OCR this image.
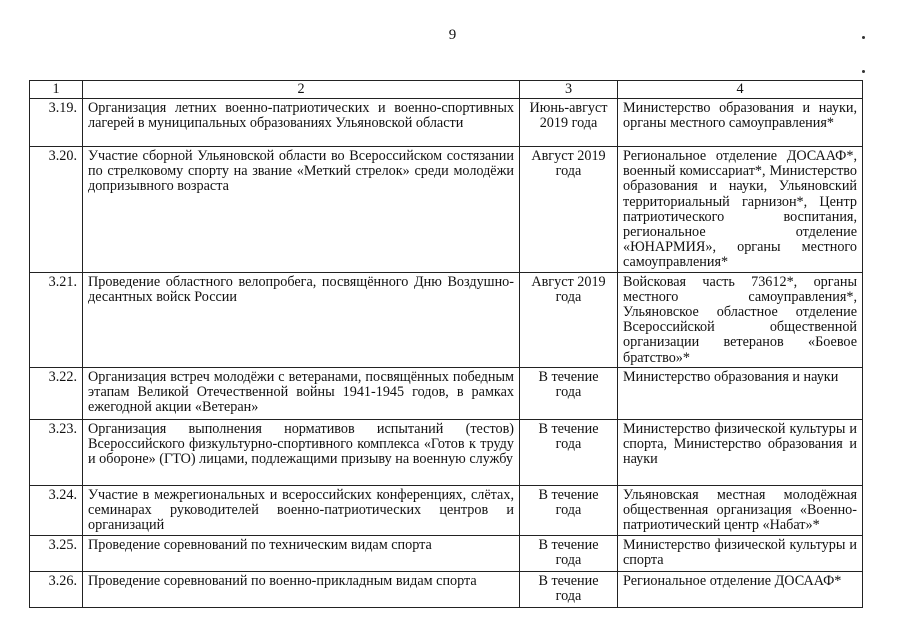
9
1	2	3	4
3.19.	Организация летних военно-патриотических и военно-спортивных лагерей в муниципальных образованиях Ульяновской области	Июнь-август 2019 года	Министерство образования и науки, органы местного самоуправления*
3.20.	Участие сборной Ульяновской области во Всероссийском состязании по стрелковому спорту на звание «Меткий стрелок» среди молодёжи допризывного возраста	Август 2019 года	Региональное отделение ДОСААФ*, военный комиссариат*, Министерство образования и науки, Ульяновский территориальный гарнизон*, Центр патриотического воспитания, региональное отделение «ЮНАРМИЯ», органы местного самоуправления*
3.21.	Проведение областного велопробега, посвящённого Дню Воздушно-десантных войск России	Август 2019 года	Войсковая часть 73612*, органы местного самоуправления*, Ульяновское областное отделение Всероссийской общественной организации ветеранов «Боевое братство»*
3.22.	Организация встреч молодёжи с ветеранами, посвящённых победным этапам Великой Отечественной войны 1941-1945 годов, в рамках ежегодной акции «Ветеран»	В течение года	Министерство образования и науки
3.23.	Организация выполнения нормативов испытаний (тестов) Всероссийского физкультурно-спортивного комплекса «Готов к труду и обороне» (ГТО) лицами, подлежащими призыву на военную службу	В течение года	Министерство физической культуры и спорта, Министерство образования и науки
3.24.	Участие в межрегиональных и всероссийских конференциях, слётах, семинарах руководителей военно-патриотических центров и организаций	В течение года	Ульяновская местная молодёжная общественная организация «Военно-патриотический центр «Набат»*
3.25.	Проведение соревнований по техническим видам спорта	В течение года	Министерство физической культуры и спорта
3.26.	Проведение соревнований по военно-прикладным видам спорта	В течение года	Региональное отделение ДОСААФ*
